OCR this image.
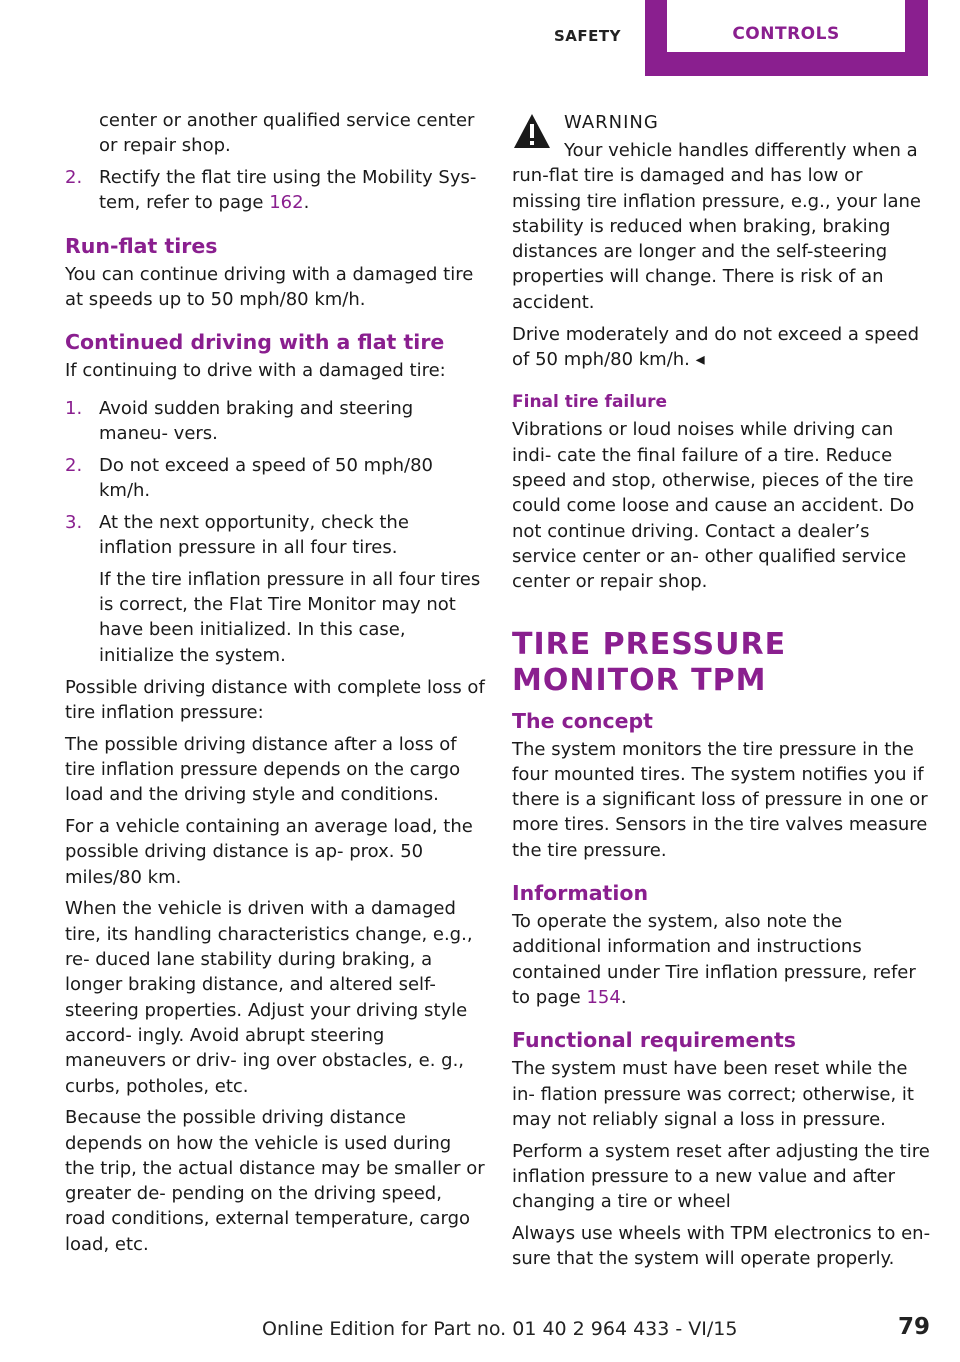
SAFETY	CONTROLS

center or another qualified service center or repair shop.

2. Rectify the flat tire using the Mobility Sys‐ tem, refer to page 162.
Run-flat tires

You can continue driving with a damaged tire at speeds up to 50 mph/80 km/h.

Continued driving with a flat tire

If continuing to drive with a damaged tire:

1. Avoid sudden braking and steering maneu‐ vers.
2. Do not exceed a speed of 50 mph/80 km/h.
3. At the next opportunity, check the inflation pressure in all four tires.

If the tire inflation pressure in all four tires is correct, the Flat Tire Monitor may not have been initialized. In this case, initialize the system.

Possible driving distance with complete loss of tire inflation pressure:

The possible driving distance after a loss of tire inflation pressure depends on the cargo load and the driving style and conditions.

For a vehicle containing an average load, the possible driving distance is ap‐ prox. 50 miles/80 km.

When the vehicle is driven with a damaged tire, its handling characteristics change, e.g., re‐ duced lane stability during braking, a longer braking distance, and altered self-steering properties. Adjust your driving style accord‐ ingly. Avoid abrupt steering maneuvers or driv‐ ing over obstacles, e. g., curbs, potholes, etc.

Because the possible driving distance depends on how the vehicle is used during the trip, the actual distance may be smaller or greater de‐ pending on the driving speed, road conditions, external temperature, cargo load, etc.

WARNING

Your vehicle handles differently when a run-flat tire is damaged and has low or missing tire inflation pressure, e.g., your lane stability is reduced when braking, braking distances are longer and the self-steering properties will change. There is risk of an accident.

Drive moderately and do not exceed a speed of 50 mph/80 km/h. ◂

Final tire failure

Vibrations or loud noises while driving can indi‐ cate the final failure of a tire. Reduce speed and stop, otherwise, pieces of the tire could come loose and cause an accident. Do not continue driving. Contact a dealer’s service center or an‐ other qualified service center or repair shop.

TIRE PRESSURE MONITOR TPM
The concept

The system monitors the tire pressure in the four mounted tires. The system notifies you if there is a significant loss of pressure in one or more tires. Sensors in the tire valves measure the tire pressure.

Information

To operate the system, also note the additional information and instructions contained under Tire inflation pressure, refer to page 154.

Functional requirements

The system must have been reset while the in‐ flation pressure was correct; otherwise, it may not reliably signal a loss in pressure.

Perform a system reset after adjusting the tire inflation pressure to a new value and after changing a tire or wheel

Always use wheels with TPM electronics to en‐ sure that the system will operate properly.

Online Edition for Part no. 01 40 2 964 433 - VI/15	79
